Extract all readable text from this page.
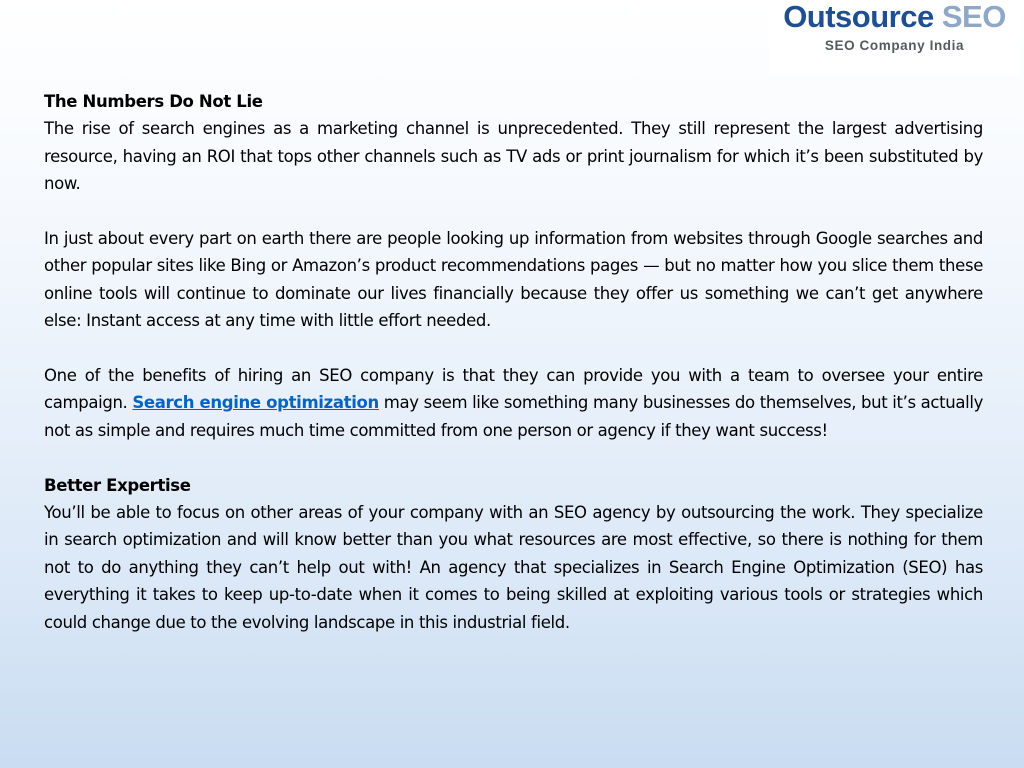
Outsource SEO
SEO Company India
The Numbers Do Not Lie

The rise of search engines as a marketing channel is unprecedented. They still represent the largest advertising resource, having an ROI that tops other channels such as TV ads or print journalism for which it’s been substituted by now.

In just about every part on earth there are people looking up information from websites through Google searches and other popular sites like Bing or Amazon’s product recommendations pages — but no matter how you slice them these online tools will continue to dominate our lives financially because they offer us something we can’t get anywhere else: Instant access at any time with little effort needed.

One of the benefits of hiring an SEO company is that they can provide you with a team to oversee your entire campaign. Search engine optimization may seem like something many businesses do themselves, but it’s actually not as simple and requires much time committed from one person or agency if they want success!

Better Expertise

You’ll be able to focus on other areas of your company with an SEO agency by outsourcing the work. They specialize in search optimization and will know better than you what resources are most effective, so there is nothing for them not to do anything they can’t help out with! An agency that specializes in Search Engine Optimization (SEO) has everything it takes to keep up-to-date when it comes to being skilled at exploiting various tools or strategies which could change due to the evolving landscape in this industrial field.
